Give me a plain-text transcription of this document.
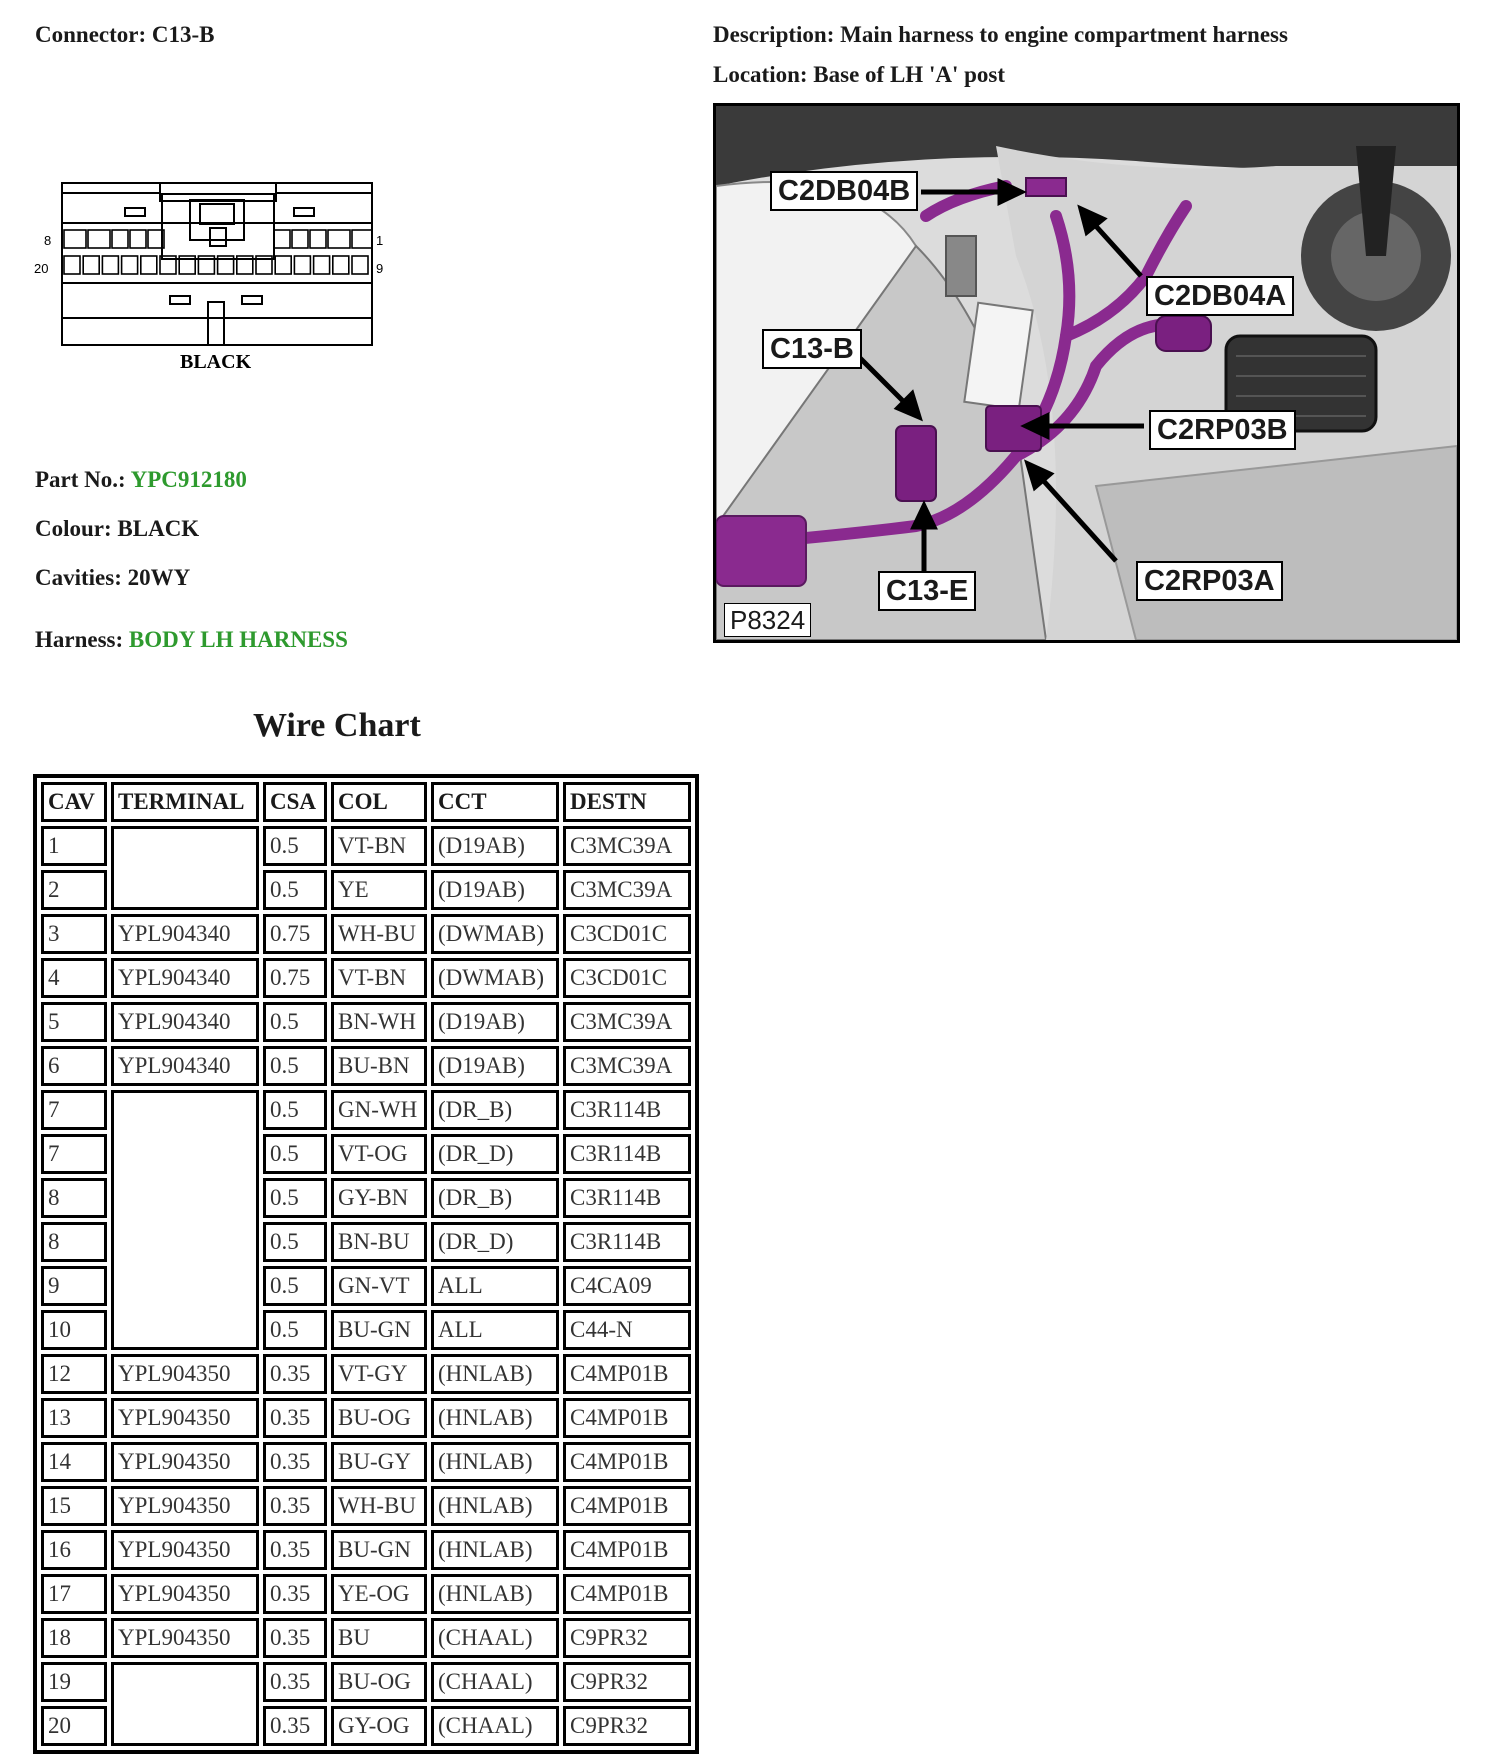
Connector: C13-B	Description: Main harness to engine compartment harness
Location: Base of LH 'A' post
8
20
1
9
BLACK
Part No.: YPC912180
Colour: BLACK
Cavities: 20WY
Harness: BODY LH HARNESS
C2DB04B
C2DB04A
C13-B
C2RP03B
C13-E	C2RP03A
P8324
Wire Chart
CAV	TERMINAL	CSA	COL	CCT	DESTN
1		0.5	VT-BN	(D19AB)	C3MC39A
2		0.5	YE	(D19AB)	C3MC39A
3	YPL904340	0.75	WH-BU	(DWMAB)	C3CD01C
4	YPL904340	0.75	VT-BN	(DWMAB)	C3CD01C
5	YPL904340	0.5	BN-WH	(D19AB)	C3MC39A
6	YPL904340	0.5	BU-BN	(D19AB)	C3MC39A
7		0.5	GN-WH	(DR_B)	C3R114B
7		0.5	VT-OG	(DR_D)	C3R114B
8		0.5	GY-BN	(DR_B)	C3R114B
8		0.5	BN-BU	(DR_D)	C3R114B
9		0.5	GN-VT	ALL	C4CA09
10		0.5	BU-GN	ALL	C44-N
12	YPL904350	0.35	VT-GY	(HNLAB)	C4MP01B
13	YPL904350	0.35	BU-OG	(HNLAB)	C4MP01B
14	YPL904350	0.35	BU-GY	(HNLAB)	C4MP01B
15	YPL904350	0.35	WH-BU	(HNLAB)	C4MP01B
16	YPL904350	0.35	BU-GN	(HNLAB)	C4MP01B
17	YPL904350	0.35	YE-OG	(HNLAB)	C4MP01B
18	YPL904350	0.35	BU	(CHAAL)	C9PR32
19		0.35	BU-OG	(CHAAL)	C9PR32
20		0.35	GY-OG	(CHAAL)	C9PR32
